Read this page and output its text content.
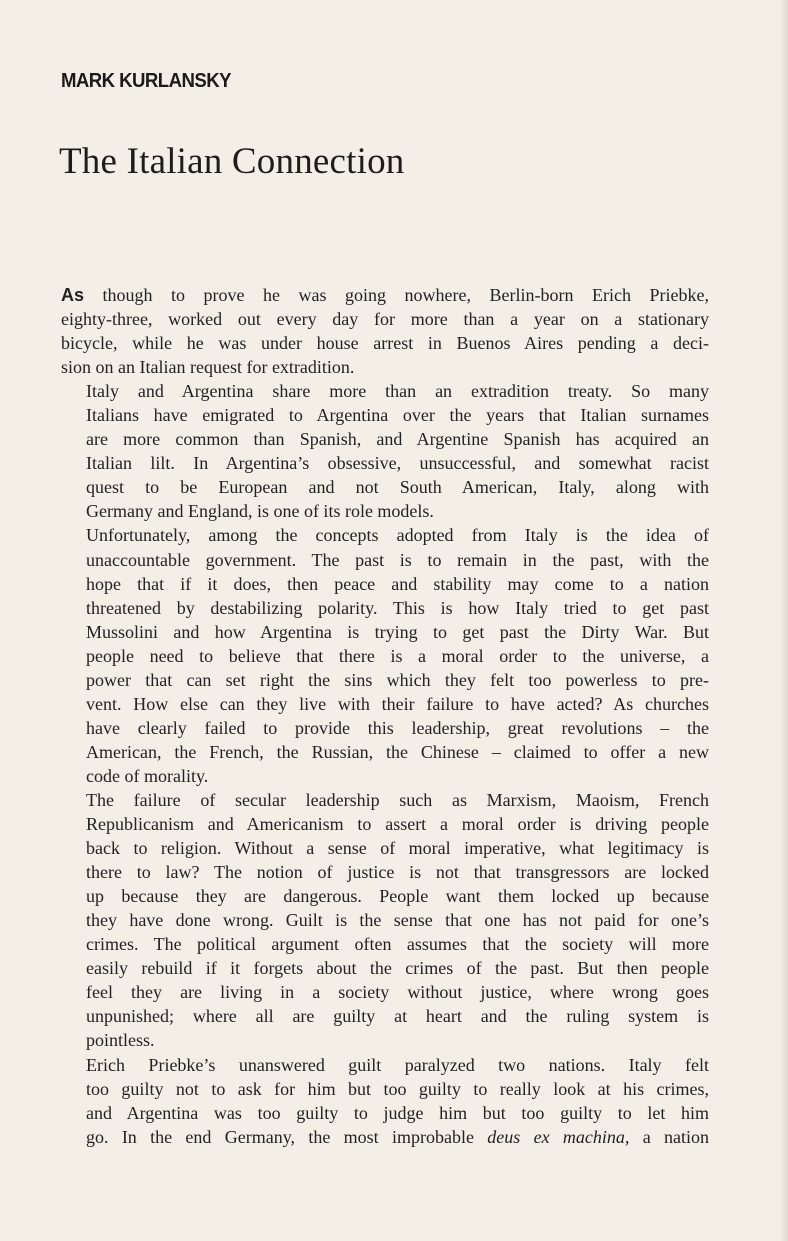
MARK KURLANSKY
The Italian Connection

As though to prove he was going nowhere, Berlin-born Erich Priebke,
eighty-three, worked out every day for more than a year on a stationary
bicycle, while he was under house arrest in Buenos Aires pending a deci-
sion on an Italian request for extradition.

Italy and Argentina share more than an extradition treaty. So many
Italians have emigrated to Argentina over the years that Italian surnames
are more common than Spanish, and Argentine Spanish has acquired an
Italian lilt. In Argentina’s obsessive, unsuccessful, and somewhat racist
quest to be European and not South American, Italy, along with
Germany and England, is one of its role models.

Unfortunately, among the concepts adopted from Italy is the idea of
unaccountable government. The past is to remain in the past, with the
hope that if it does, then peace and stability may come to a nation
threatened by destabilizing polarity. This is how Italy tried to get past
Mussolini and how Argentina is trying to get past the Dirty War. But
people need to believe that there is a moral order to the universe, a
power that can set right the sins which they felt too powerless to pre-
vent. How else can they live with their failure to have acted? As churches
have clearly failed to provide this leadership, great revolutions – the
American, the French, the Russian, the Chinese – claimed to offer a new
code of morality.

The failure of secular leadership such as Marxism, Maoism, French
Republicanism and Americanism to assert a moral order is driving people
back to religion. Without a sense of moral imperative, what legitimacy is
there to law? The notion of justice is not that transgressors are locked
up because they are dangerous. People want them locked up because
they have done wrong. Guilt is the sense that one has not paid for one’s
crimes. The political argument often assumes that the society will more
easily rebuild if it forgets about the crimes of the past. But then people
feel they are living in a society without justice, where wrong goes
unpunished; where all are guilty at heart and the ruling system is
pointless.

Erich Priebke’s unanswered guilt paralyzed two nations. Italy felt
too guilty not to ask for him but too guilty to really look at his crimes,
and Argentina was too guilty to judge him but too guilty to let him
go. In the end Germany, the most improbable deus ex machina, a nation
